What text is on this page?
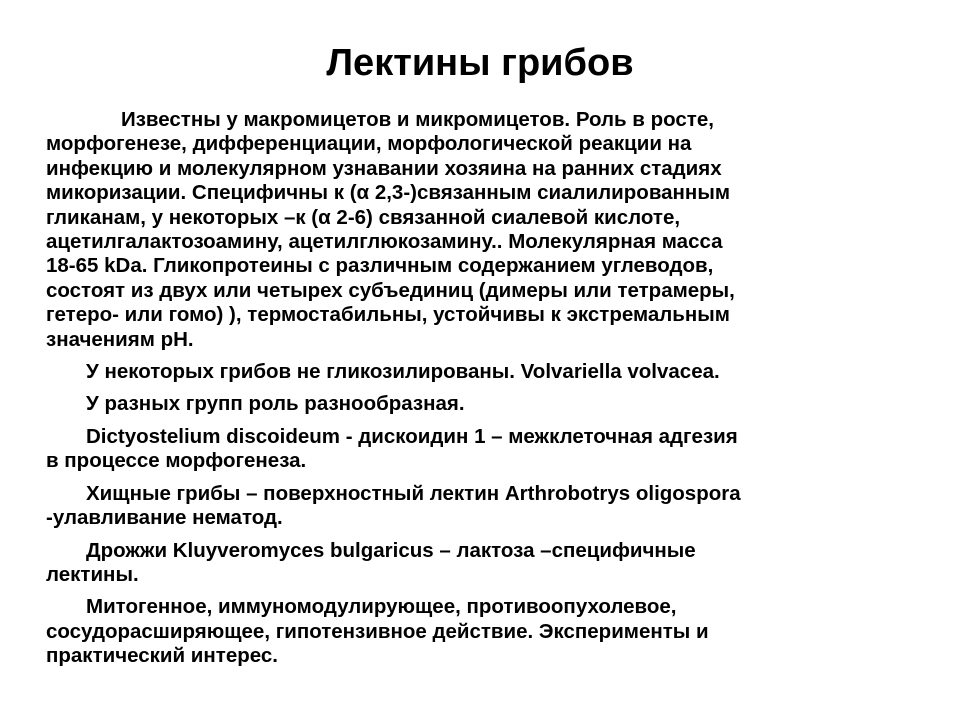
Лектины грибов

Известны у макромицетов и микромицетов. Роль в росте,
морфогенезе, дифференциации, морфологической реакции на
инфекцию и молекулярном узнавании хозяина на ранних стадиях
микоризации. Специфичны к (α 2,3-)связанным сиалилированным
гликанам, у некоторых –к (α 2-6) связанной сиалевой кислоте,
ацетилгалактозоамину, ацетилглюкозамину.. Молекулярная масса
18-65 kDa. Гликопротеины с различным содержанием углеводов,
состоят из двух или четырех субъединиц (димеры или тетрамеры,
гетеро- или гомо) ), термостабильны, устойчивы к экстремальным
значениям pH.

У некоторых грибов не гликозилированы. Volvariella volvacea.

У разных групп роль разнообразная.

Dictyostelium discoideum - дискоидин 1 – межклеточная адгезия
в процессе морфогенеза.

Хищные грибы – поверхностный лектин Arthrobotrys oligospora
-улавливание нематод.

Дрожжи Kluyveromyces bulgaricus – лактоза –специфичные
лектины.

Митогенное, иммуномодулирующее, противоопухолевое,
сосудорасширяющее, гипотензивное действие. Эксперименты и
практический интерес.
